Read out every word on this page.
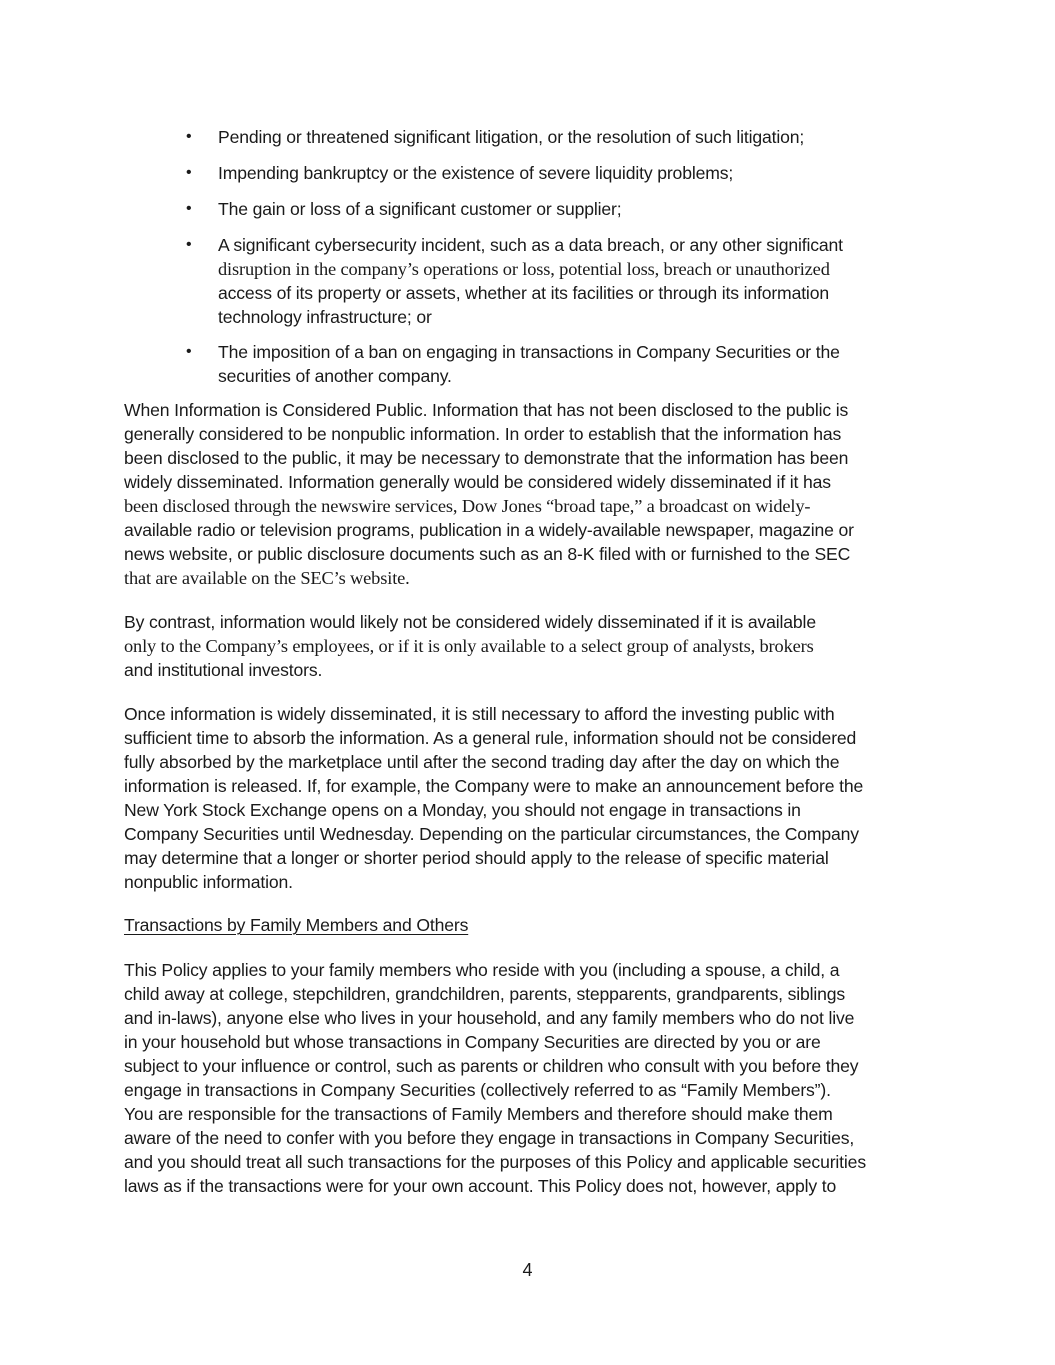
• Pending or threatened significant litigation, or the resolution of such litigation;
• Impending bankruptcy or the existence of severe liquidity problems;
• The gain or loss of a significant customer or supplier;
• A significant cybersecurity incident, such as a data breach, or any other significant
disruption in the company’s operations or loss, potential loss, breach or unauthorized
access of its property or assets, whether at its facilities or through its information
technology infrastructure; or
• The imposition of a ban on engaging in transactions in Company Securities or the
securities of another company.
When Information is Considered Public. Information that has not been disclosed to the public is
generally considered to be nonpublic information. In order to establish that the information has
been disclosed to the public, it may be necessary to demonstrate that the information has been
widely disseminated. Information generally would be considered widely disseminated if it has
been disclosed through the newswire services, Dow Jones “broad tape,” a broadcast on widely-
available radio or television programs, publication in a widely-available newspaper, magazine or
news website, or public disclosure documents such as an 8-K filed with or furnished to the SEC
that are available on the SEC’s website.
By contrast, information would likely not be considered widely disseminated if it is available
only to the Company’s employees, or if it is only available to a select group of analysts, brokers
and institutional investors.
Once information is widely disseminated, it is still necessary to afford the investing public with
sufficient time to absorb the information. As a general rule, information should not be considered
fully absorbed by the marketplace until after the second trading day after the day on which the
information is released. If, for example, the Company were to make an announcement before the
New York Stock Exchange opens on a Monday, you should not engage in transactions in
Company Securities until Wednesday. Depending on the particular circumstances, the Company
may determine that a longer or shorter period should apply to the release of specific material
nonpublic information.
Transactions by Family Members and Others
This Policy applies to your family members who reside with you (including a spouse, a child, a
child away at college, stepchildren, grandchildren, parents, stepparents, grandparents, siblings
and in-laws), anyone else who lives in your household, and any family members who do not live
in your household but whose transactions in Company Securities are directed by you or are
subject to your influence or control, such as parents or children who consult with you before they
engage in transactions in Company Securities (collectively referred to as “Family Members”).
You are responsible for the transactions of Family Members and therefore should make them
aware of the need to confer with you before they engage in transactions in Company Securities,
and you should treat all such transactions for the purposes of this Policy and applicable securities
laws as if the transactions were for your own account. This Policy does not, however, apply to
4
